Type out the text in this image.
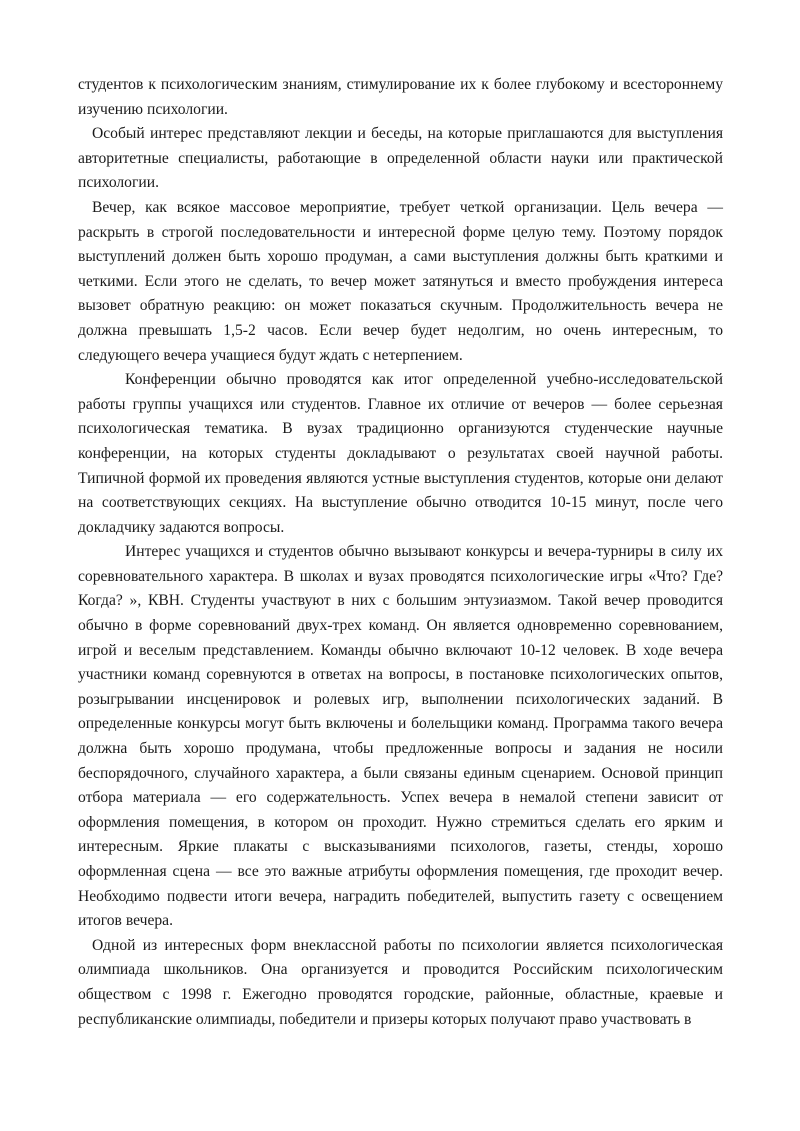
студентов к психологическим знаниям, стимулирование их к более глубокому и всестороннему изучению психологии.

Особый интерес представляют лекции и беседы, на которые приглашаются для выступления авторитетные специалисты, работающие в определенной области науки или практической психологии.

Вечер, как всякое массовое мероприятие, требует четкой организации. Цель вечера — раскрыть в строгой последовательности и интересной форме целую тему. Поэтому порядок выступлений должен быть хорошо продуман, а сами выступления должны быть краткими и четкими. Если этого не сделать, то вечер может затянуться и вместо пробуждения интереса вызовет обратную реакцию: он может показаться скучным. Продолжительность вечера не должна превышать 1,5-2 часов. Если вечер будет недолгим, но очень интересным, то следующего вечера учащиеся будут ждать с нетерпением.

Конференции обычно проводятся как итог определенной учебно-исследовательской работы группы учащихся или студентов. Главное их отличие от вечеров — более серьезная психологическая тематика. В вузах традиционно организуются студенческие научные конференции, на которых студенты докладывают о результатах своей научной работы. Типичной формой их проведения являются устные выступления студентов, которые они делают на соответствующих секциях. На выступление обычно отводится 10-15 минут, после чего докладчику задаются вопросы.

Интерес учащихся и студентов обычно вызывают конкурсы и вечера-турниры в силу их соревновательного характера. В школах и вузах проводятся психологические игры «Что? Где? Когда? », КВН. Студенты участвуют в них с большим энтузиазмом. Такой вечер проводится обычно в форме соревнований двух-трех команд. Он является одновременно соревнованием, игрой и веселым представлением. Команды обычно включают 10-12 человек. В ходе вечера участники команд соревнуются в ответах на вопросы, в постановке психологических опытов, розыгрывании инсценировок и ролевых игр, выполнении психологических заданий. В определенные конкурсы могут быть включены и болельщики команд. Программа такого вечера должна быть хорошо продумана, чтобы предложенные вопросы и задания не носили беспорядочного, случайного характера, а были связаны единым сценарием. Основой принцип отбора материала — его содержательность. Успех вечера в немалой степени зависит от оформления помещения, в котором он проходит. Нужно стремиться сделать его ярким и интересным. Яркие плакаты с высказываниями психологов, газеты, стенды, хорошо оформленная сцена — все это важные атрибуты оформления помещения, где проходит вечер. Необходимо подвести итоги вечера, наградить победителей, выпустить газету с освещением итогов вечера.

Одной из интересных форм внеклассной работы по психологии является психологическая олимпиада школьников. Она организуется и проводится Российским психологическим обществом с 1998 г. Ежегодно проводятся городские, районные, областные, краевые и республиканские олимпиады, победители и призеры которых получают право участвовать в
